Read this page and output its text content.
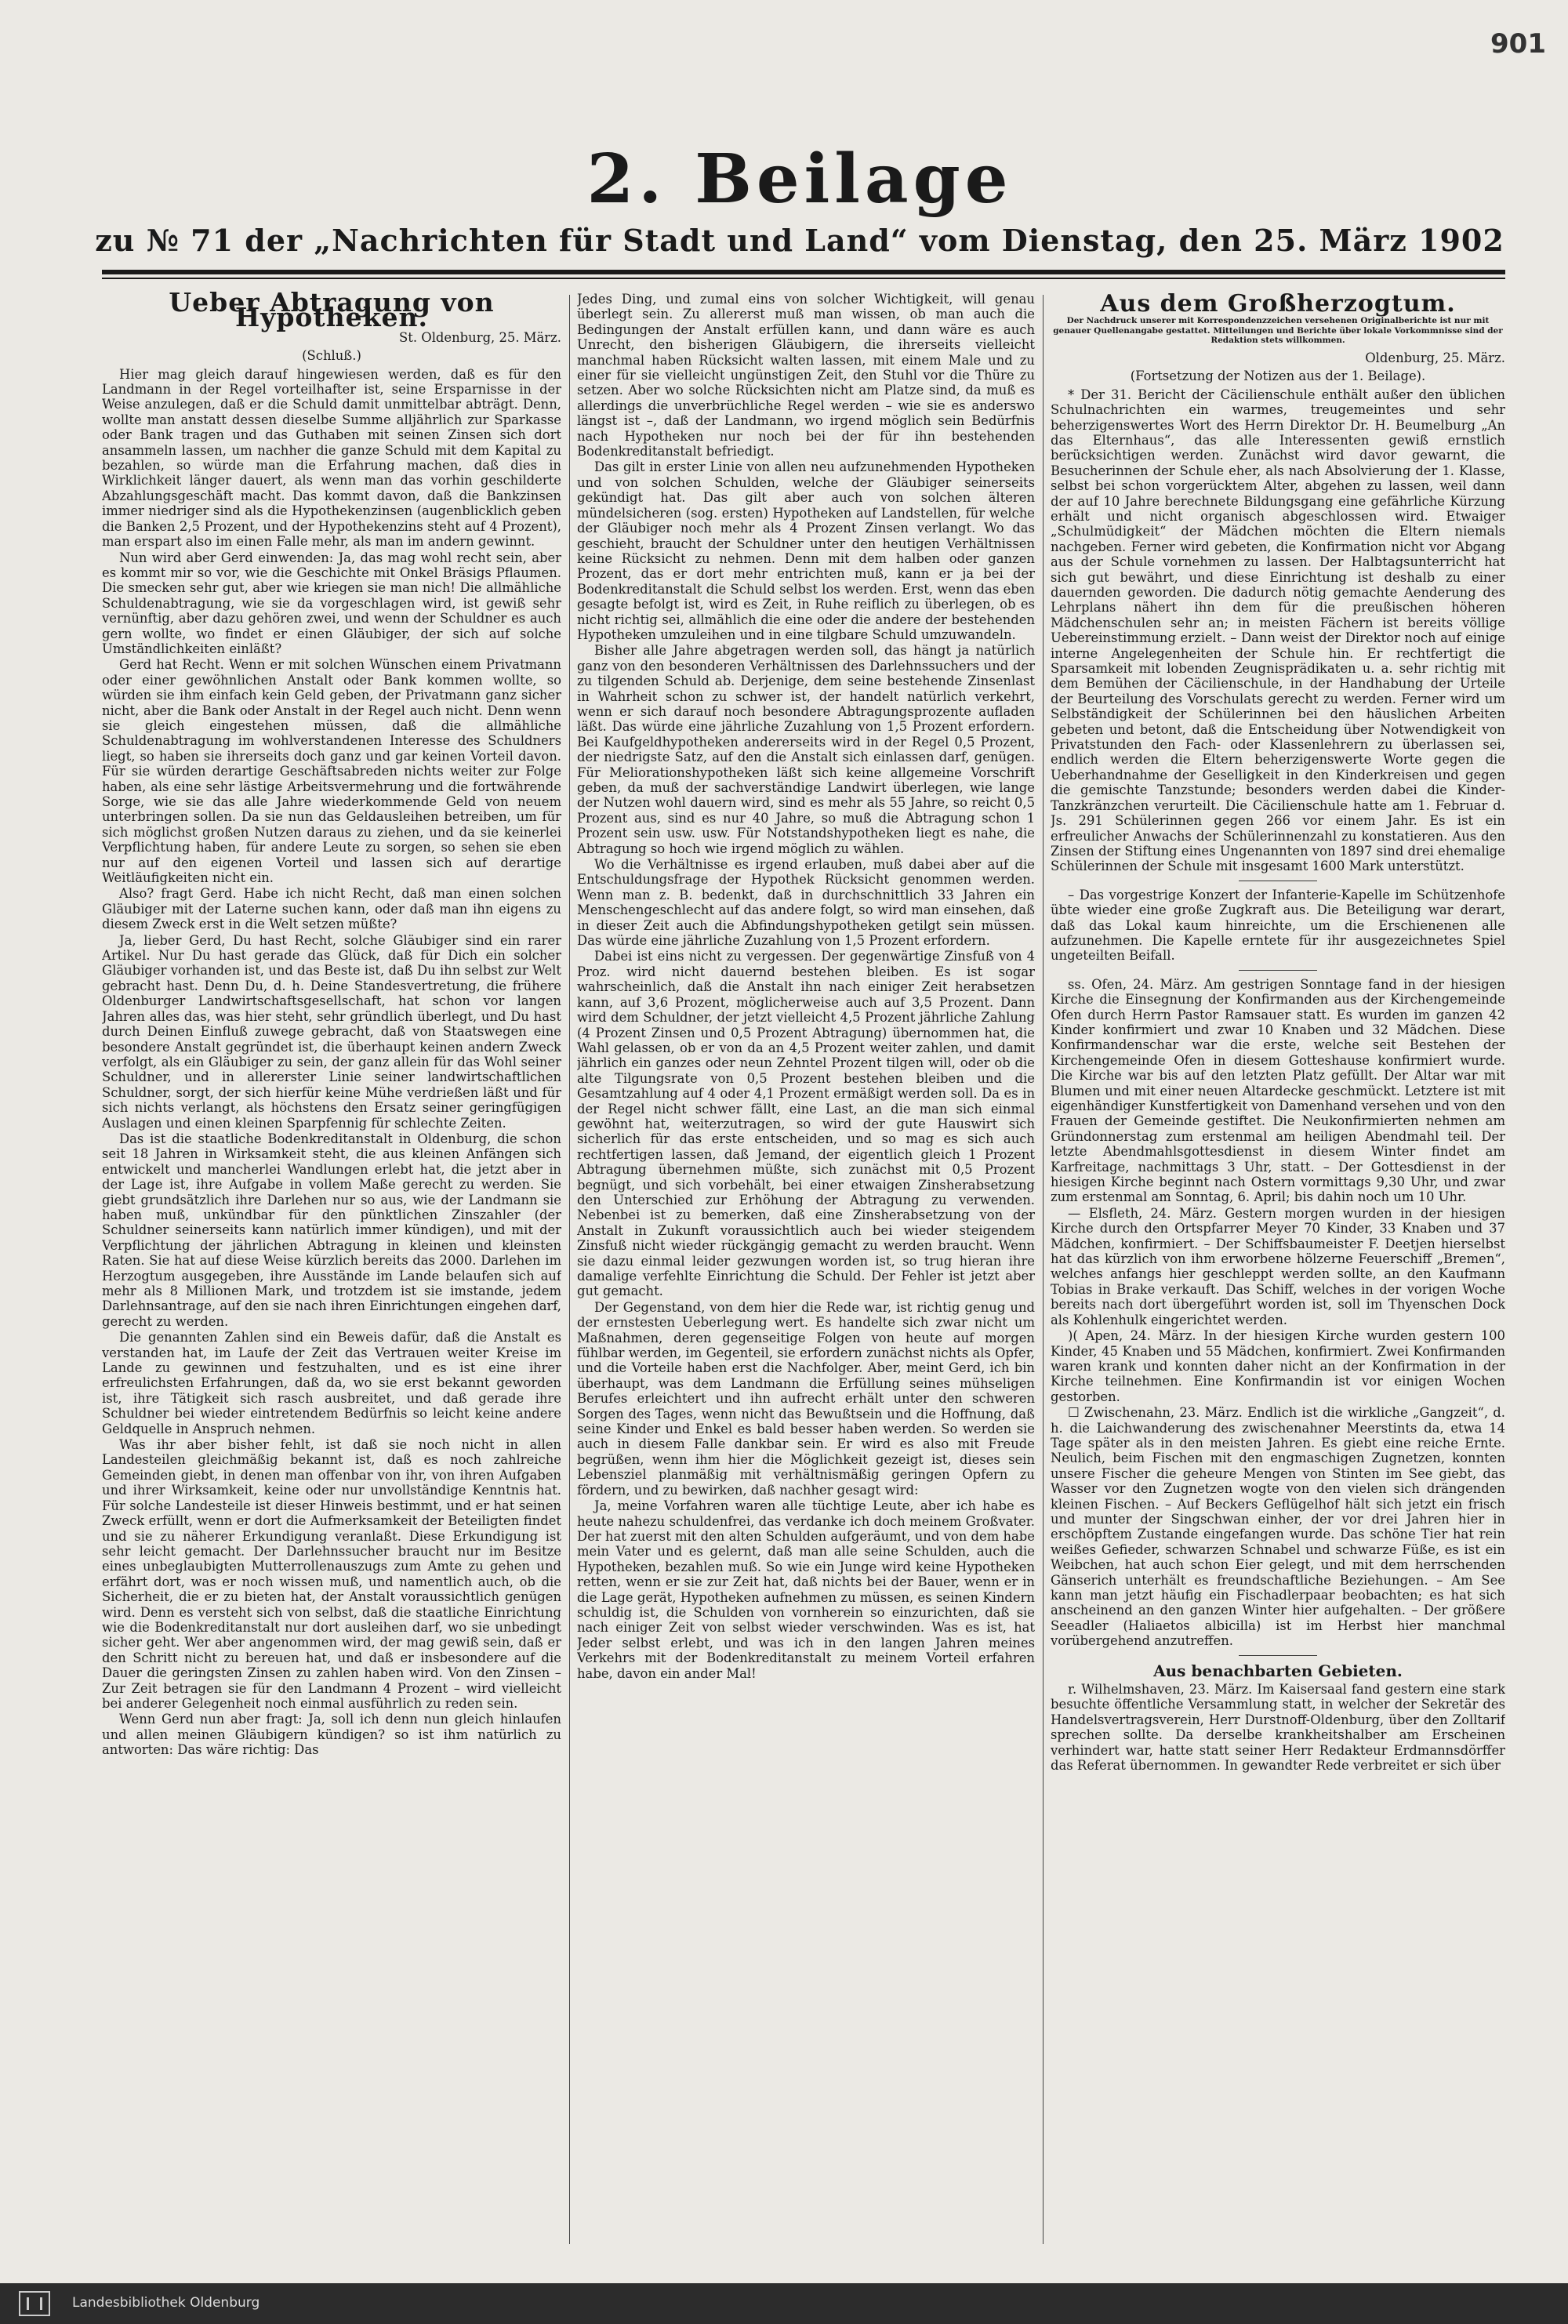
901
2. Beilage
zu № 71 der „Nachrichten für Stadt und Land“ vom Dienstag, den 25. März 1902
Ueber Abtragung von Hypotheken.
St. Oldenburg, 25. März.
(Schluß.)

Hier mag gleich darauf hingewiesen werden, daß es für den Landmann in der Regel vorteilhafter ist, seine Ersparnisse in der Weise anzulegen, daß er die Schuld damit unmittelbar abträgt. Denn, wollte man anstatt dessen dieselbe Summe alljährlich zur Sparkasse oder Bank tragen und das Guthaben mit seinen Zinsen sich dort ansammeln lassen, um nachher die ganze Schuld mit dem Kapital zu bezahlen, so würde man die Erfahrung machen, daß dies in Wirklichkeit länger dauert, als wenn man das vorhin geschilderte Abzahlungsgeschäft macht. Das kommt davon, daß die Bankzinsen immer niedriger sind als die Hypothekenzinsen (augenblicklich geben die Banken 2,5 Prozent, und der Hypothekenzins steht auf 4 Prozent), man erspart also im einen Falle mehr, als man im andern gewinnt.

Nun wird aber Gerd einwenden: Ja, das mag wohl recht sein, aber es kommt mir so vor, wie die Geschichte mit Onkel Bräsigs Pflaumen. Die smecken sehr gut, aber wie kriegen sie man nich! Die allmähliche Schuldenabtragung, wie sie da vorgeschlagen wird, ist gewiß sehr vernünftig, aber dazu gehören zwei, und wenn der Schuldner es auch gern wollte, wo findet er einen Gläubiger, der sich auf solche Umständlichkeiten einläßt?

Gerd hat Recht. Wenn er mit solchen Wünschen einem Privatmann oder einer gewöhnlichen Anstalt oder Bank kommen wollte, so würden sie ihm einfach kein Geld geben, der Privatmann ganz sicher nicht, aber die Bank oder Anstalt in der Regel auch nicht. Denn wenn sie gleich eingestehen müssen, daß die allmähliche Schuldenabtragung im wohlverstandenen Interesse des Schuldners liegt, so haben sie ihrerseits doch ganz und gar keinen Vorteil davon. Für sie würden derartige Geschäftsabreden nichts weiter zur Folge haben, als eine sehr lästige Arbeitsvermehrung und die fortwährende Sorge, wie sie das alle Jahre wiederkommende Geld von neuem unterbringen sollen. Da sie nun das Geldausleihen betreiben, um für sich möglichst großen Nutzen daraus zu ziehen, und da sie keinerlei Verpflichtung haben, für andere Leute zu sorgen, so sehen sie eben nur auf den eigenen Vorteil und lassen sich auf derartige Weitläufigkeiten nicht ein.

Also? fragt Gerd. Habe ich nicht Recht, daß man einen solchen Gläubiger mit der Laterne suchen kann, oder daß man ihn eigens zu diesem Zweck erst in die Welt setzen müßte?

Ja, lieber Gerd, Du hast Recht, solche Gläubiger sind ein rarer Artikel. Nur Du hast gerade das Glück, daß für Dich ein solcher Gläubiger vorhanden ist, und das Beste ist, daß Du ihn selbst zur Welt gebracht hast. Denn Du, d. h. Deine Standesvertretung, die frühere Oldenburger Landwirtschaftsgesellschaft, hat schon vor langen Jahren alles das, was hier steht, sehr gründlich überlegt, und Du hast durch Deinen Einfluß zuwege gebracht, daß von Staatswegen eine besondere Anstalt gegründet ist, die überhaupt keinen andern Zweck verfolgt, als ein Gläubiger zu sein, der ganz allein für das Wohl seiner Schuldner, und in allererster Linie seiner landwirtschaftlichen Schuldner, sorgt, der sich hierfür keine Mühe verdrießen läßt und für sich nichts verlangt, als höchstens den Ersatz seiner geringfügigen Auslagen und einen kleinen Sparpfennig für schlechte Zeiten.

Das ist die staatliche Bodenkreditanstalt in Oldenburg, die schon seit 18 Jahren in Wirksamkeit steht, die aus kleinen Anfängen sich entwickelt und mancherlei Wandlungen erlebt hat, die jetzt aber in der Lage ist, ihre Aufgabe in vollem Maße gerecht zu werden. Sie giebt grundsätzlich ihre Darlehen nur so aus, wie der Landmann sie haben muß, unkündbar für den pünktlichen Zinszahler (der Schuldner seinerseits kann natürlich immer kündigen), und mit der Verpflichtung der jährlichen Abtragung in kleinen und kleinsten Raten. Sie hat auf diese Weise kürzlich bereits das 2000. Darlehen im Herzogtum ausgegeben, ihre Ausstände im Lande belaufen sich auf mehr als 8 Millionen Mark, und trotzdem ist sie imstande, jedem Darlehnsantrage, auf den sie nach ihren Einrichtungen eingehen darf, gerecht zu werden.

Die genannten Zahlen sind ein Beweis dafür, daß die Anstalt es verstanden hat, im Laufe der Zeit das Vertrauen weiter Kreise im Lande zu gewinnen und festzuhalten, und es ist eine ihrer erfreulichsten Erfahrungen, daß da, wo sie erst bekannt geworden ist, ihre Tätigkeit sich rasch ausbreitet, und daß gerade ihre Schuldner bei wieder eintretendem Bedürfnis so leicht keine andere Geldquelle in Anspruch nehmen.

Was ihr aber bisher fehlt, ist daß sie noch nicht in allen Landesteilen gleichmäßig bekannt ist, daß es noch zahlreiche Gemeinden giebt, in denen man offenbar von ihr, von ihren Aufgaben und ihrer Wirksamkeit, keine oder nur unvollständige Kenntnis hat. Für solche Landesteile ist dieser Hinweis bestimmt, und er hat seinen Zweck erfüllt, wenn er dort die Aufmerksamkeit der Beteiligten findet und sie zu näherer Erkundigung veranlaßt. Diese Erkundigung ist sehr leicht gemacht. Der Darlehnssucher braucht nur im Besitze eines unbeglaubigten Mutterrollenauszugs zum Amte zu gehen und erfährt dort, was er noch wissen muß, und namentlich auch, ob die Sicherheit, die er zu bieten hat, der Anstalt voraussichtlich genügen wird. Denn es versteht sich von selbst, daß die staatliche Einrichtung wie die Bodenkreditanstalt nur dort ausleihen darf, wo sie unbedingt sicher geht. Wer aber angenommen wird, der mag gewiß sein, daß er den Schritt nicht zu bereuen hat, und daß er insbesondere auf die Dauer die geringsten Zinsen zu zahlen haben wird. Von den Zinsen – Zur Zeit betragen sie für den Landmann 4 Prozent – wird vielleicht bei anderer Gelegenheit noch einmal ausführlich zu reden sein.

Wenn Gerd nun aber fragt: Ja, soll ich denn nun gleich hinlaufen und allen meinen Gläubigern kündigen? so ist ihm natürlich zu antworten: Das wäre richtig: Das

Jedes Ding, und zumal eins von solcher Wichtigkeit, will genau überlegt sein. Zu allererst muß man wissen, ob man auch die Bedingungen der Anstalt erfüllen kann, und dann wäre es auch Unrecht, den bisherigen Gläubigern, die ihrerseits vielleicht manchmal haben Rücksicht walten lassen, mit einem Male und zu einer für sie vielleicht ungünstigen Zeit, den Stuhl vor die Thüre zu setzen. Aber wo solche Rücksichten nicht am Platze sind, da muß es allerdings die unverbrüchliche Regel werden – wie sie es anderswo längst ist –, daß der Landmann, wo irgend möglich sein Bedürfnis nach Hypotheken nur noch bei der für ihn bestehenden Bodenkreditanstalt befriedigt.

Das gilt in erster Linie von allen neu aufzunehmenden Hypotheken und von solchen Schulden, welche der Gläubiger seinerseits gekündigt hat. Das gilt aber auch von solchen älteren mündelsicheren (sog. ersten) Hypotheken auf Landstellen, für welche der Gläubiger noch mehr als 4 Prozent Zinsen verlangt. Wo das geschieht, braucht der Schuldner unter den heutigen Verhältnissen keine Rücksicht zu nehmen. Denn mit dem halben oder ganzen Prozent, das er dort mehr entrichten muß, kann er ja bei der Bodenkreditanstalt die Schuld selbst los werden. Erst, wenn das eben gesagte befolgt ist, wird es Zeit, in Ruhe reiflich zu überlegen, ob es nicht richtig sei, allmählich die eine oder die andere der bestehenden Hypotheken umzuleihen und in eine tilgbare Schuld umzuwandeln.

Bisher alle Jahre abgetragen werden soll, das hängt ja natürlich ganz von den besonderen Verhältnissen des Darlehnssuchers und der zu tilgenden Schuld ab. Derjenige, dem seine bestehende Zinsenlast in Wahrheit schon zu schwer ist, der handelt natürlich verkehrt, wenn er sich darauf noch besondere Abtragungsprozente aufladen läßt. Das würde eine jährliche Zuzahlung von 1,5 Prozent erfordern. Bei Kaufgeldhypotheken andererseits wird in der Regel 0,5 Prozent, der niedrigste Satz, auf den die Anstalt sich einlassen darf, genügen. Für Meliorationshypotheken läßt sich keine allgemeine Vorschrift geben, da muß der sachverständige Landwirt überlegen, wie lange der Nutzen wohl dauern wird, sind es mehr als 55 Jahre, so reicht 0,5 Prozent aus, sind es nur 40 Jahre, so muß die Abtragung schon 1 Prozent sein usw. usw. Für Notstandshypotheken liegt es nahe, die Abtragung so hoch wie irgend möglich zu wählen.

Wo die Verhältnisse es irgend erlauben, muß dabei aber auf die Entschuldungsfrage der Hypothek Rücksicht genommen werden. Wenn man z. B. bedenkt, daß in durchschnittlich 33 Jahren ein Menschengeschlecht auf das andere folgt, so wird man einsehen, daß in dieser Zeit auch die Abfindungshypotheken getilgt sein müssen. Das würde eine jährliche Zuzahlung von 1,5 Prozent erfordern.

Dabei ist eins nicht zu vergessen. Der gegenwärtige Zinsfuß von 4 Proz. wird nicht dauernd bestehen bleiben. Es ist sogar wahrscheinlich, daß die Anstalt ihn nach einiger Zeit herabsetzen kann, auf 3,6 Prozent, möglicherweise auch auf 3,5 Prozent. Dann wird dem Schuldner, der jetzt vielleicht 4,5 Prozent jährliche Zahlung (4 Prozent Zinsen und 0,5 Prozent Abtragung) übernommen hat, die Wahl gelassen, ob er von da an 4,5 Prozent weiter zahlen, und damit jährlich ein ganzes oder neun Zehntel Prozent tilgen will, oder ob die alte Tilgungsrate von 0,5 Prozent bestehen bleiben und die Gesamtzahlung auf 4 oder 4,1 Prozent ermäßigt werden soll. Da es in der Regel nicht schwer fällt, eine Last, an die man sich einmal gewöhnt hat, weiterzutragen, so wird der gute Hauswirt sich sicherlich für das erste entscheiden, und so mag es sich auch rechtfertigen lassen, daß Jemand, der eigentlich gleich 1 Prozent Abtragung übernehmen müßte, sich zunächst mit 0,5 Prozent begnügt, und sich vorbehält, bei einer etwaigen Zinsherabsetzung den Unterschied zur Erhöhung der Abtragung zu verwenden. Nebenbei ist zu bemerken, daß eine Zinsherabsetzung von der Anstalt in Zukunft voraussichtlich auch bei wieder steigendem Zinsfuß nicht wieder rückgängig gemacht zu werden braucht. Wenn sie dazu einmal leider gezwungen worden ist, so trug hieran ihre damalige verfehlte Einrichtung die Schuld. Der Fehler ist jetzt aber gut gemacht.

Der Gegenstand, von dem hier die Rede war, ist richtig genug und der ernstesten Ueberlegung wert. Es handelte sich zwar nicht um Maßnahmen, deren gegenseitige Folgen von heute auf morgen fühlbar werden, im Gegenteil, sie erfordern zunächst nichts als Opfer, und die Vorteile haben erst die Nachfolger. Aber, meint Gerd, ich bin überhaupt, was dem Landmann die Erfüllung seines mühseligen Berufes erleichtert und ihn aufrecht erhält unter den schweren Sorgen des Tages, wenn nicht das Bewußtsein und die Hoffnung, daß seine Kinder und Enkel es bald besser haben werden. So werden sie auch in diesem Falle dankbar sein. Er wird es also mit Freude begrüßen, wenn ihm hier die Möglichkeit gezeigt ist, dieses sein Lebensziel planmäßig mit verhältnismäßig geringen Opfern zu fördern, und zu bewirken, daß nachher gesagt wird:

Ja, meine Vorfahren waren alle tüchtige Leute, aber ich habe es heute nahezu schuldenfrei, das verdanke ich doch meinem Großvater. Der hat zuerst mit den alten Schulden aufgeräumt, und von dem habe mein Vater und es gelernt, daß man alle seine Schulden, auch die Hypotheken, bezahlen muß. So wie ein Junge wird keine Hypotheken retten, wenn er sie zur Zeit hat, daß nichts bei der Bauer, wenn er in die Lage gerät, Hypotheken aufnehmen zu müssen, es seinen Kindern schuldig ist, die Schulden von vornherein so einzurichten, daß sie nach einiger Zeit von selbst wieder verschwinden. Was es ist, hat Jeder selbst erlebt, und was ich in den langen Jahren meines Verkehrs mit der Bodenkreditanstalt zu meinem Vorteil erfahren habe, davon ein ander Mal!

Aus dem Großherzogtum.
Der Nachdruck unserer mit Korrespondenzzeichen versehenen Originalberichte ist nur mit genauer Quellenangabe gestattet. Mitteilungen und Berichte über lokale Vorkommnisse sind der Redaktion stets willkommen.
Oldenburg, 25. März.
(Fortsetzung der Notizen aus der 1. Beilage).

* Der 31. Bericht der Cäcilienschule enthält außer den üblichen Schulnachrichten ein warmes, treugemeintes und sehr beherzigenswertes Wort des Herrn Direktor Dr. H. Beumelburg „An das Elternhaus“, das alle Interessenten gewiß ernstlich berücksichtigen werden. Zunächst wird davor gewarnt, die Besucherinnen der Schule eher, als nach Absolvierung der 1. Klasse, selbst bei schon vorgerücktem Alter, abgehen zu lassen, weil dann der auf 10 Jahre berechnete Bildungsgang eine gefährliche Kürzung erhält und nicht organisch abgeschlossen wird. Etwaiger „Schulmüdigkeit“ der Mädchen möchten die Eltern niemals nachgeben. Ferner wird gebeten, die Konfirmation nicht vor Abgang aus der Schule vornehmen zu lassen. Der Halbtagsunterricht hat sich gut bewährt, und diese Einrichtung ist deshalb zu einer dauernden geworden. Die dadurch nötig gemachte Aenderung des Lehrplans nähert ihn dem für die preußischen höheren Mädchenschulen sehr an; in meisten Fächern ist bereits völlige Uebereinstimmung erzielt. – Dann weist der Direktor noch auf einige interne Angelegenheiten der Schule hin. Er rechtfertigt die Sparsamkeit mit lobenden Zeugnisprädikaten u. a. sehr richtig mit dem Bemühen der Cäcilienschule, in der Handhabung der Urteile der Beurteilung des Vorschulats gerecht zu werden. Ferner wird um Selbständigkeit der Schülerinnen bei den häuslichen Arbeiten gebeten und betont, daß die Entscheidung über Notwendigkeit von Privatstunden den Fach- oder Klassenlehrern zu überlassen sei, endlich werden die Eltern beherzigenswerte Worte gegen die Ueberhandnahme der Geselligkeit in den Kinderkreisen und gegen die gemischte Tanzstunde; besonders werden dabei die Kinder-Tanzkränzchen verurteilt. Die Cäcilienschule hatte am 1. Februar d. Js. 291 Schülerinnen gegen 266 vor einem Jahr. Es ist ein erfreulicher Anwachs der Schülerinnenzahl zu konstatieren. Aus den Zinsen der Stiftung eines Ungenannten von 1897 sind drei ehemalige Schülerinnen der Schule mit insgesamt 1600 Mark unterstützt.

– Das vorgestrige Konzert der Infanterie-Kapelle im Schützenhofe übte wieder eine große Zugkraft aus. Die Beteiligung war derart, daß das Lokal kaum hinreichte, um die Erschienenen alle aufzunehmen. Die Kapelle erntete für ihr ausgezeichnetes Spiel ungeteilten Beifall.

ss. Ofen, 24. März. Am gestrigen Sonntage fand in der hiesigen Kirche die Einsegnung der Konfirmanden aus der Kirchengemeinde Ofen durch Herrn Pastor Ramsauer statt. Es wurden im ganzen 42 Kinder konfirmiert und zwar 10 Knaben und 32 Mädchen. Diese Konfirmandenschar war die erste, welche seit Bestehen der Kirchengemeinde Ofen in diesem Gotteshause konfirmiert wurde. Die Kirche war bis auf den letzten Platz gefüllt. Der Altar war mit Blumen und mit einer neuen Altardecke geschmückt. Letztere ist mit eigenhändiger Kunstfertigkeit von Damenhand versehen und von den Frauen der Gemeinde gestiftet. Die Neukonfirmierten nehmen am Gründonnerstag zum erstenmal am heiligen Abendmahl teil. Der letzte Abendmahlsgottesdienst in diesem Winter findet am Karfreitage, nachmittags 3 Uhr, statt. – Der Gottesdienst in der hiesigen Kirche beginnt nach Ostern vormittags 9,30 Uhr, und zwar zum erstenmal am Sonntag, 6. April; bis dahin noch um 10 Uhr.

— Elsfleth, 24. März. Gestern morgen wurden in der hiesigen Kirche durch den Ortspfarrer Meyer 70 Kinder, 33 Knaben und 37 Mädchen, konfirmiert. – Der Schiffsbaumeister F. Deetjen hierselbst hat das kürzlich von ihm erworbene hölzerne Feuerschiff „Bremen“, welches anfangs hier geschleppt werden sollte, an den Kaufmann Tobias in Brake verkauft. Das Schiff, welches in der vorigen Woche bereits nach dort übergeführt worden ist, soll im Thyenschen Dock als Kohlenhulk eingerichtet werden.

)( Apen, 24. März. In der hiesigen Kirche wurden gestern 100 Kinder, 45 Knaben und 55 Mädchen, konfirmiert. Zwei Konfirmanden waren krank und konnten daher nicht an der Konfirmation in der Kirche teilnehmen. Eine Konfirmandin ist vor einigen Wochen gestorben.

☐ Zwischenahn, 23. März. Endlich ist die wirkliche „Gangzeit“, d. h. die Laichwanderung des zwischenahner Meerstints da, etwa 14 Tage später als in den meisten Jahren. Es giebt eine reiche Ernte. Neulich, beim Fischen mit den engmaschigen Zugnetzen, konnten unsere Fischer die geheure Mengen von Stinten im See giebt, das Wasser vor den Zugnetzen wogte von den vielen sich drängenden kleinen Fischen. – Auf Beckers Geflügelhof hält sich jetzt ein frisch und munter der Singschwan einher, der vor drei Jahren hier in erschöpftem Zustande eingefangen wurde. Das schöne Tier hat rein weißes Gefieder, schwarzen Schnabel und schwarze Füße, es ist ein Weibchen, hat auch schon Eier gelegt, und mit dem herrschenden Gänserich unterhält es freundschaftliche Beziehungen. – Am See kann man jetzt häufig ein Fischadlerpaar beobachten; es hat sich anscheinend an den ganzen Winter hier aufgehalten. – Der größere Seeadler (Haliaetos albicilla) ist im Herbst hier manchmal vorübergehend anzutreffen.

Aus benachbarten Gebieten.

r. Wilhelmshaven, 23. März. Im Kaisersaal fand gestern eine stark besuchte öffentliche Versammlung statt, in welcher der Sekretär des Handelsvertragsverein, Herr Durstnoff-Oldenburg, über den Zolltarif sprechen sollte. Da derselbe krankheitshalber am Erscheinen verhindert war, hatte statt seiner Herr Redakteur Erdmannsdörffer das Referat übernommen. In gewandter Rede verbreitet er sich über

Landesbibliothek Oldenburg
